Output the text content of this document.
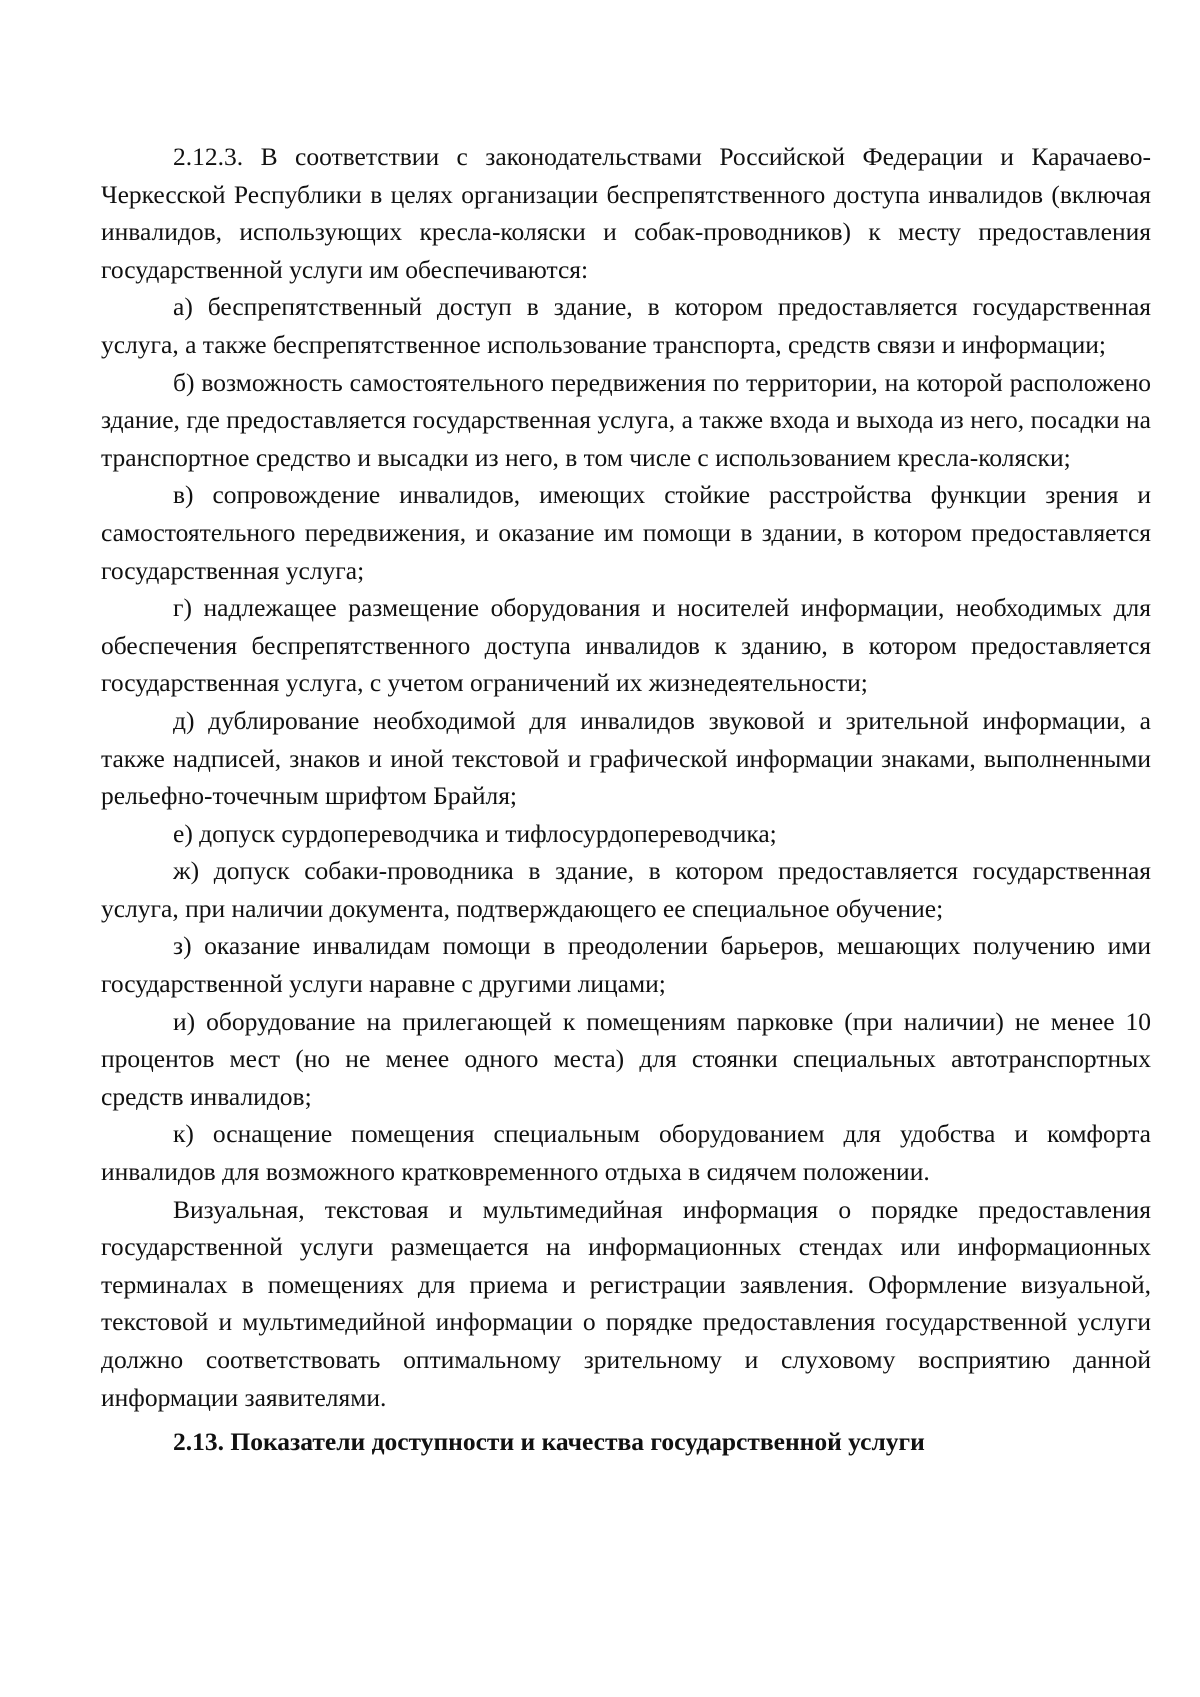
2.12.3. В соответствии с законодательствами Российской Федерации и Карачаево-Черкесской Республики в целях организации беспрепятственного доступа инвалидов (включая инвалидов, использующих кресла-коляски и собак-проводников) к месту предоставления государственной услуги им обеспечиваются:

а) беспрепятственный доступ в здание, в котором предоставляется государственная услуга, а также беспрепятственное использование транспорта, средств связи и информации;

б) возможность самостоятельного передвижения по территории, на которой расположено здание, где предоставляется государственная услуга, а также входа и выхода из него, посадки на транспортное средство и высадки из него, в том числе с использованием кресла-коляски;

в) сопровождение инвалидов, имеющих стойкие расстройства функции зрения и самостоятельного передвижения, и оказание им помощи в здании, в котором предоставляется государственная услуга;

г) надлежащее размещение оборудования и носителей информации, необходимых для обеспечения беспрепятственного доступа инвалидов к зданию, в котором предоставляется государственная услуга, с учетом ограничений их жизнедеятельности;

д) дублирование необходимой для инвалидов звуковой и зрительной информации, а также надписей, знаков и иной текстовой и графической информации знаками, выполненными рельефно-точечным шрифтом Брайля;

е) допуск сурдопереводчика и тифлосурдопереводчика;

ж) допуск собаки-проводника в здание, в котором предоставляется государственная услуга, при наличии документа, подтверждающего ее специальное обучение;

з) оказание инвалидам помощи в преодолении барьеров, мешающих получению ими государственной услуги наравне с другими лицами;

и) оборудование на прилегающей к помещениям парковке (при наличии) не менее 10 процентов мест (но не менее одного места) для стоянки специальных автотранспортных средств инвалидов;

к) оснащение помещения специальным оборудованием для удобства и комфорта инвалидов для возможного кратковременного отдыха в сидячем положении.

Визуальная, текстовая и мультимедийная информация о порядке предоставления государственной услуги размещается на информационных стендах или информационных терминалах в помещениях для приема и регистрации заявления. Оформление визуальной, текстовой и мультимедийной информации о порядке предоставления государственной услуги должно соответствовать оптимальному зрительному и слуховому восприятию данной информации заявителями.

2.13. Показатели доступности и качества государственной услуги
